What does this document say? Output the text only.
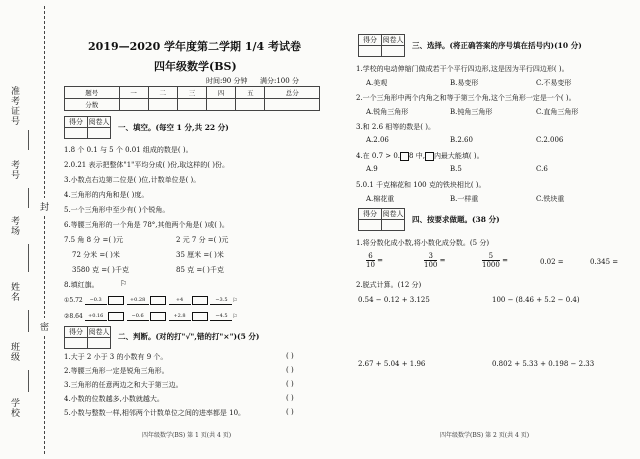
准考证号
考号
考场
姓名
班级
学校
封
密
2019—2020 学年度第二学期 1/4 考试卷
四年级数学(BS)
时间:90 分钟 满分:100 分
题号	一	二	三	四	五	总分
分数						
得分	阅卷人

一、填空。(每空 1 分,共 22 分)
1.8 个 0.1 与 5 个 0.01 组成的数是( )。
2.0.21 表示把整体"1"平均分成( )份,取这样的( )份。
3.小数点右边第二位是( )位,计数单位是( )。
4.三角形的内角和是( )度。
5.一个三角形中至少有( )个锐角。
6.等腰三角形的一个角是 78°,其他两个角是( )或( )。
7.5 角 8 分 =( )元	2 元 7 分 =( )元
72 分米 =( )米	35 厘米 =( )米
3580 克 =( )千克	85 克 =( )千克
8.填红旗。	⚐
①5.72 −0.3	+0.28	+4	−3.5 ⚐
②8.64 +0.16	−0.6	+2.8	−4.5 ⚐
得分	阅卷人
	二、判断。(对的打"√",错的打"×")(5 分)
1.大于 2 小于 3 的小数有 9 个。	( )
2.等腰三角形一定是锐角三角形。	( )
3.三角形的任意两边之和大于第三边。	( )
4.小数的位数越多,小数就越大。	( )
5.小数与整数一样,相邻两个计数单位之间的进率都是 10。	( )
四年级数学(BS) 第 1 页(共 4 页)
得分	阅卷人

三、选择。(将正确答案的序号填在括号内)(10 分)
1.学校的电动伸缩门做成若干个平行四边形,这是因为平行四边形( )。
A.美观	B.易变形	C.不易变形
2.一个三角形中两个内角之和等于第三个角,这个三角形一定是一个( )。
A.锐角三角形	B.钝角三角形	C.直角三角形
3.和 2.6 相等的数是( )。
A.2.06	B.2.60	C.2.006
4.在 0.7 > 0. 8 中, 内最大能填( )。
A.9	B.5	C.6
5.0.1 千克棉花和 100 克的铁块相比( )。
A.棉花重	B.一样重	C.铁块重
得分	阅卷人

四、按要求做题。(38 分)
1.将分数化成小数,将小数化成分数。(5 分)
$\frac{6}{10}$ =	$\frac{3}{100}$ =	$\frac{5}{1000}$ =	0.02 =	0.345 =
2.脱式计算。(12 分)
0.54 − 0.12 + 3.125	100 − (8.46 + 5.2 − 0.4)
2.67 + 5.04 + 1.96	0.802 + 5.33 + 0.198 − 2.33
四年级数学(BS) 第 2 页(共 4 页)
